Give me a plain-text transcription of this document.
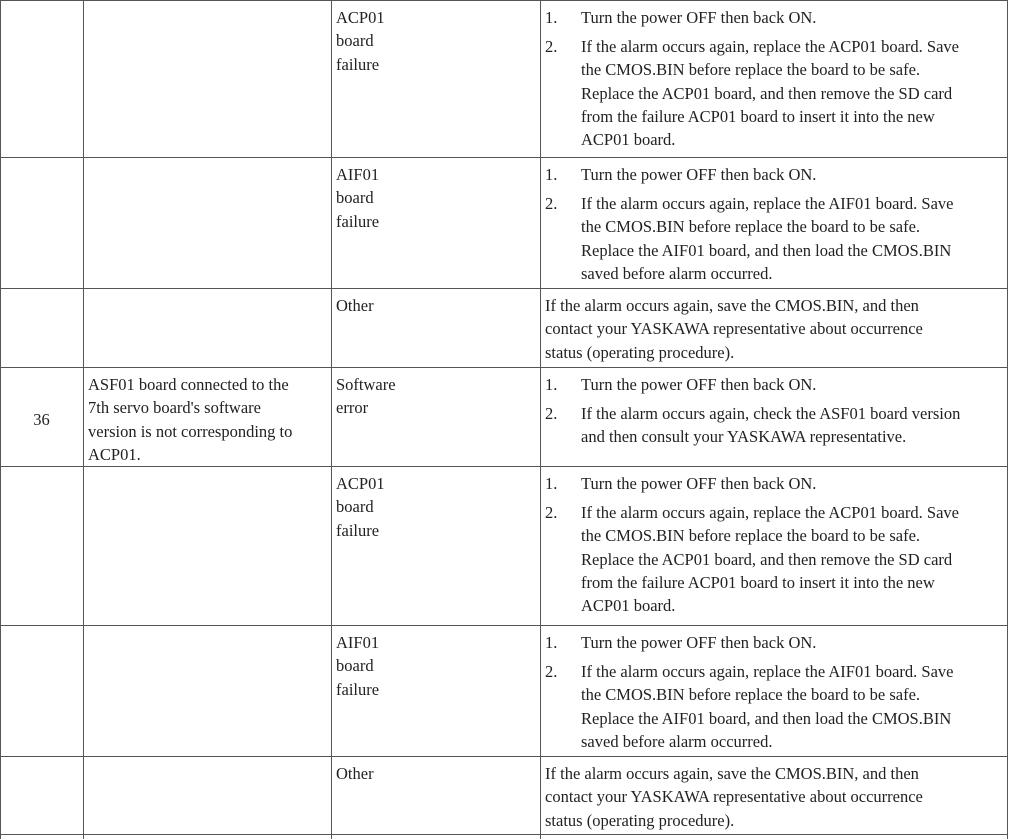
ACP01 board failure
1. Turn the power OFF then back ON.
2. If the alarm occurs again, replace the ACP01 board. Save
the CMOS.BIN before replace the board to be safe.
Replace the ACP01 board, and then remove the SD card
from the failure ACP01 board to insert it into the new
ACP01 board.
AIF01 board failure
1. Turn the power OFF then back ON.
2. If the alarm occurs again, replace the AIF01 board. Save
the CMOS.BIN before replace the board to be safe.
Replace the AIF01 board, and then load the CMOS.BIN
saved before alarm occurred.
Other	If the alarm occurs again, save the CMOS.BIN, and then
contact your YASKAWA representative about occurrence
status (operating procedure).
36
ASF01 board connected to the
7th servo board's software
version is not corresponding to
ACP01.
Software error
1. Turn the power OFF then back ON.
2. If the alarm occurs again, check the ASF01 board version
and then consult your YASKAWA representative.
ACP01 board failure
1. Turn the power OFF then back ON.
2. If the alarm occurs again, replace the ACP01 board. Save
the CMOS.BIN before replace the board to be safe.
Replace the ACP01 board, and then remove the SD card
from the failure ACP01 board to insert it into the new
ACP01 board.
AIF01 board failure
1. Turn the power OFF then back ON.
2. If the alarm occurs again, replace the AIF01 board. Save
the CMOS.BIN before replace the board to be safe.
Replace the AIF01 board, and then load the CMOS.BIN
saved before alarm occurred.
Other	If the alarm occurs again, save the CMOS.BIN, and then
contact your YASKAWA representative about occurrence
status (operating procedure).
